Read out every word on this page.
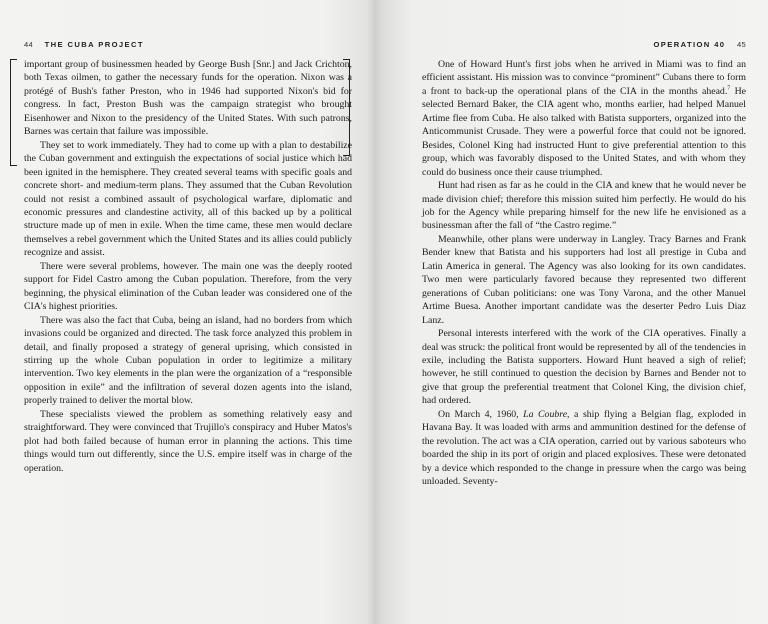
44 THE CUBA PROJECT

important group of businessmen headed by George Bush [Snr.] and Jack Crichton, both Texas oilmen, to gather the necessary funds for the operation. Nixon was a protégé of Bush's father Preston, who in 1946 had supported Nixon's bid for congress. In fact, Preston Bush was the campaign strategist who brought Eisenhower and Nixon to the presidency of the United States. With such patrons, Barnes was certain that failure was impossible.

They set to work immediately. They had to come up with a plan to destabilize the Cuban government and extinguish the expectations of social justice which had been ignited in the hemisphere. They created several teams with specific goals and concrete short- and medium-term plans. They assumed that the Cuban Revolution could not resist a combined assault of psychological warfare, diplomatic and economic pressures and clandestine activity, all of this backed up by a political structure made up of men in exile. When the time came, these men would declare themselves a rebel government which the United States and its allies could publicly recognize and assist.

There were several problems, however. The main one was the deeply rooted support for Fidel Castro among the Cuban population. Therefore, from the very beginning, the physical elimination of the Cuban leader was considered one of the CIA's highest priorities.

There was also the fact that Cuba, being an island, had no borders from which invasions could be organized and directed. The task force analyzed this problem in detail, and finally proposed a strategy of general uprising, which consisted in stirring up the whole Cuban population in order to legitimize a military intervention. Two key elements in the plan were the organization of a “responsible opposition in exile” and the infiltration of several dozen agents into the island, properly trained to deliver the mortal blow.

These specialists viewed the problem as something relatively easy and straightforward. They were convinced that Trujillo's conspiracy and Huber Matos's plot had both failed because of human error in planning the actions. This time things would turn out differently, since the U.S. empire itself was in charge of the operation.

OPERATION 40 45

One of Howard Hunt's first jobs when he arrived in Miami was to find an efficient assistant. His mission was to convince “prominent” Cubans there to form a front to back-up the operational plans of the CIA in the months ahead.$^7$ He selected Bernard Baker, the CIA agent who, months earlier, had helped Manuel Artime flee from Cuba. He also talked with Batista supporters, organized into the Anticommunist Crusade. They were a powerful force that could not be ignored. Besides, Colonel King had instructed Hunt to give preferential attention to this group, which was favorably disposed to the United States, and with whom they could do business once their cause triumphed.

Hunt had risen as far as he could in the CIA and knew that he would never be made division chief; therefore this mission suited him perfectly. He would do his job for the Agency while preparing himself for the new life he envisioned as a businessman after the fall of “the Castro regime.”

Meanwhile, other plans were underway in Langley. Tracy Barnes and Frank Bender knew that Batista and his supporters had lost all prestige in Cuba and Latin America in general. The Agency was also looking for its own candidates. Two men were particularly favored because they represented two different generations of Cuban politicians: one was Tony Varona, and the other Manuel Artime Buesa. Another important candidate was the deserter Pedro Luis Diaz Lanz.

Personal interests interfered with the work of the CIA operatives. Finally a deal was struck: the political front would be represented by all of the tendencies in exile, including the Batista supporters. Howard Hunt heaved a sigh of relief; however, he still continued to question the decision by Barnes and Bender not to give that group the preferential treatment that Colonel King, the division chief, had ordered.

On March 4, 1960, La Coubre, a ship flying a Belgian flag, exploded in Havana Bay. It was loaded with arms and ammunition destined for the defense of the revolution. The act was a CIA operation, carried out by various saboteurs who boarded the ship in its port of origin and placed explosives. These were detonated by a device which responded to the change in pressure when the cargo was being unloaded. Seventy-
